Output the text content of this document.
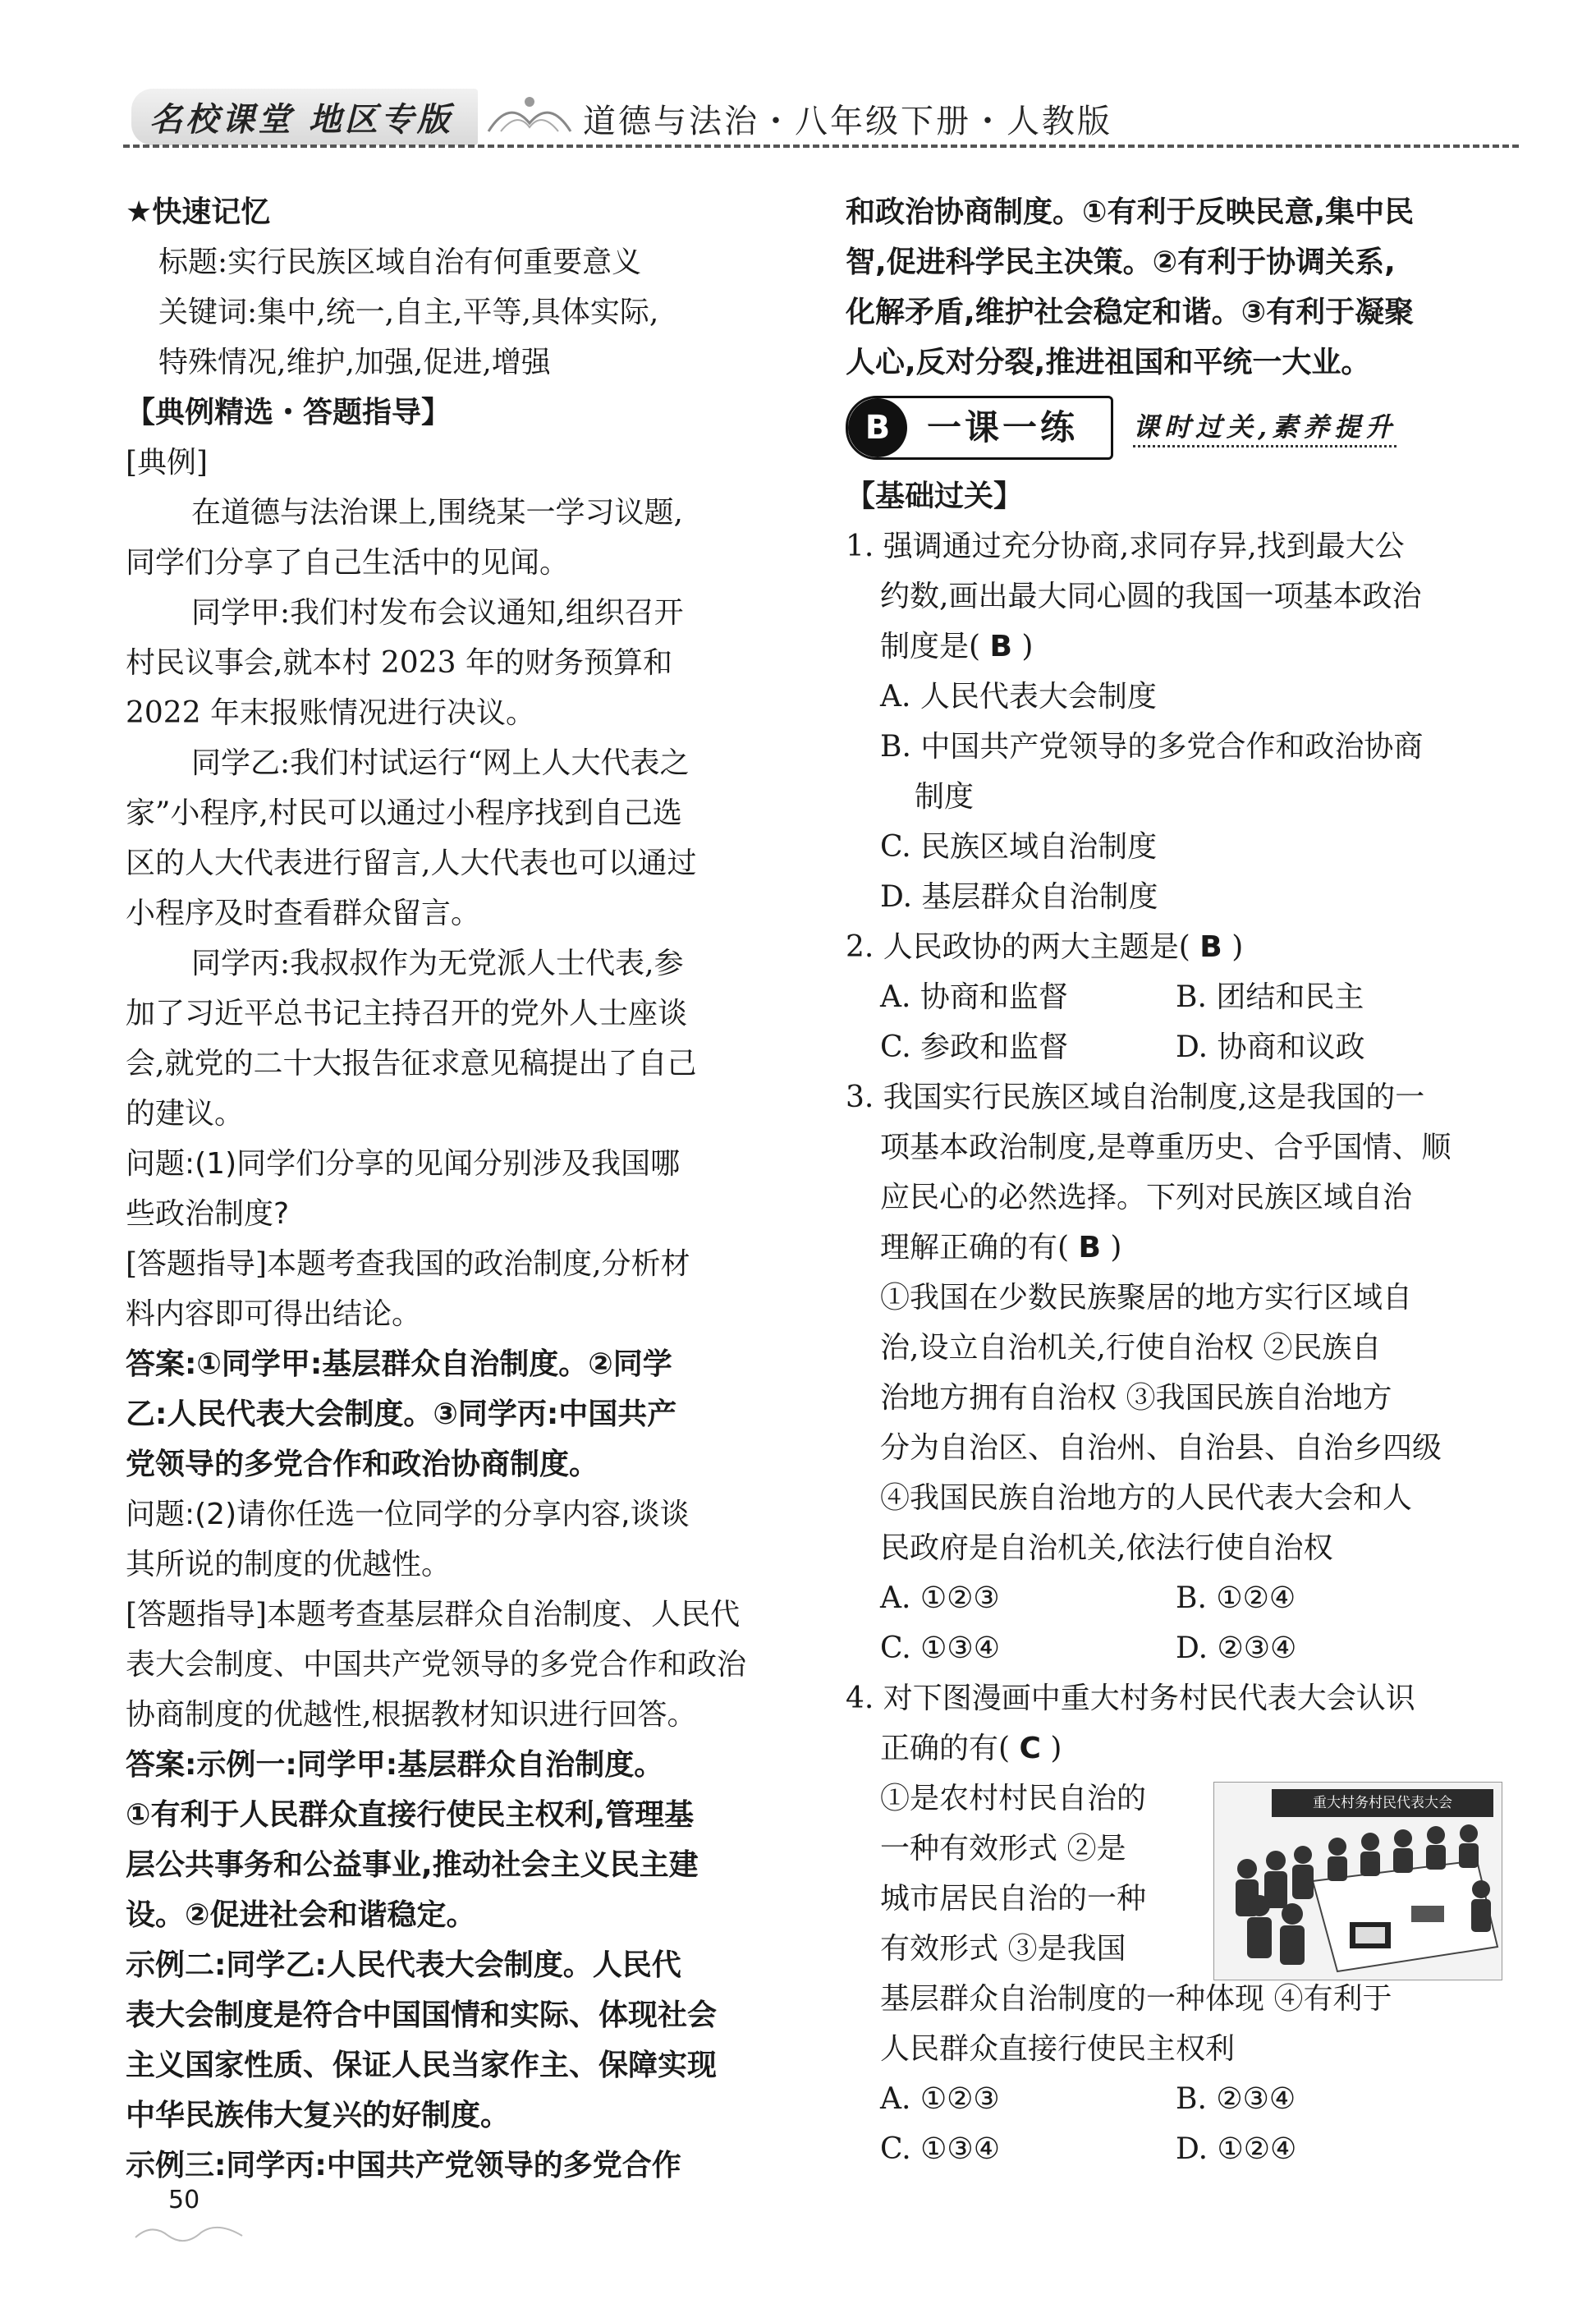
名校课堂 地区专版	道德与法治・八年级下册・人教版
★快速记忆
标题:实行民族区域自治有何重要意义
关键词:集中,统一,自主,平等,具体实际,
特殊情况,维护,加强,促进,增强
【典例精选・答题指导】
[典例]
在道德与法治课上,围绕某一学习议题,
同学们分享了自己生活中的见闻。
同学甲:我们村发布会议通知,组织召开
村民议事会,就本村 2023 年的财务预算和
2022 年末报账情况进行决议。
同学乙:我们村试运行“网上人大代表之
家”小程序,村民可以通过小程序找到自己选
区的人大代表进行留言,人大代表也可以通过
小程序及时查看群众留言。
同学丙:我叔叔作为无党派人士代表,参
加了习近平总书记主持召开的党外人士座谈
会,就党的二十大报告征求意见稿提出了自己
的建议。
问题:(1)同学们分享的见闻分别涉及我国哪
些政治制度?
[答题指导]本题考查我国的政治制度,分析材
料内容即可得出结论。
答案:①同学甲:基层群众自治制度。②同学
乙:人民代表大会制度。③同学丙:中国共产
党领导的多党合作和政治协商制度。
问题:(2)请你任选一位同学的分享内容,谈谈
其所说的制度的优越性。
[答题指导]本题考查基层群众自治制度、人民代
表大会制度、中国共产党领导的多党合作和政治
协商制度的优越性,根据教材知识进行回答。
答案:示例一:同学甲:基层群众自治制度。
①有利于人民群众直接行使民主权利,管理基
层公共事务和公益事业,推动社会主义民主建
设。②促进社会和谐稳定。
示例二:同学乙:人民代表大会制度。人民代
表大会制度是符合中国国情和实际、体现社会
主义国家性质、保证人民当家作主、保障实现
中华民族伟大复兴的好制度。
示例三:同学丙:中国共产党领导的多党合作
和政治协商制度。①有利于反映民意,集中民
智,促进科学民主决策。②有利于协调关系,
化解矛盾,维护社会稳定和谐。③有利于凝聚
人心,反对分裂,推进祖国和平统一大业。
B	一课一练 课时过关,素养提升
【基础过关】
1. 强调通过充分协商,求同存异,找到最大公
约数,画出最大同心圆的我国一项基本政治
制度是( B )
A. 人民代表大会制度
B. 中国共产党领导的多党合作和政治协商
制度
C. 民族区域自治制度
D. 基层群众自治制度
2. 人民政协的两大主题是( B )
A. 协商和监督	B. 团结和民主
C. 参政和监督	D. 协商和议政
3. 我国实行民族区域自治制度,这是我国的一
项基本政治制度,是尊重历史、合乎国情、顺
应民心的必然选择。下列对民族区域自治
理解正确的有( B )
①我国在少数民族聚居的地方实行区域自
治,设立自治机关,行使自治权 ②民族自
治地方拥有自治权 ③我国民族自治地方
分为自治区、自治州、自治县、自治乡四级
④我国民族自治地方的人民代表大会和人
民政府是自治机关,依法行使自治权
A. ①②③	B. ①②④
C. ①③④	D. ②③④
4. 对下图漫画中重大村务村民代表大会认识
正确的有( C )
①是农村村民自治的
一种有效形式 ②是
城市居民自治的一种
有效形式 ③是我国
重大村务村民代表大会
基层群众自治制度的一种体现 ④有利于
人民群众直接行使民主权利
A. ①②③	B. ②③④
C. ①③④	D. ①②④
50
